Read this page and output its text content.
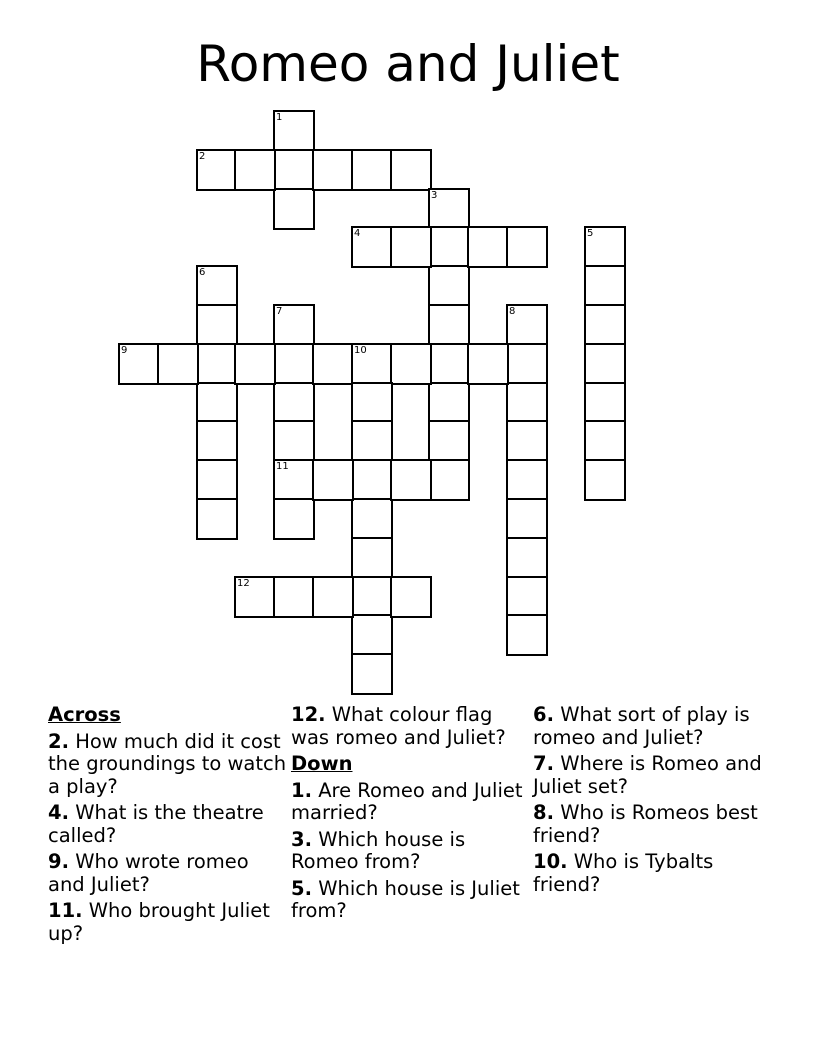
Romeo and Juliet
1
2
3
4	5
6
7
11
8
9	10
12
Across
2. How much did it cost the groundings to watch a play?
4. What is the theatre called?
9. Who wrote romeo and Juliet?
11. Who brought Juliet up?
12. What colour flag was romeo and Juliet?
Down
1. Are Romeo and Juliet married?
3. Which house is Romeo from?
5. Which house is Juliet from?
6. What sort of play is romeo and Juliet?
7. Where is Romeo and Juliet set?
8. Who is Romeos best friend?
10. Who is Tybalts friend?
